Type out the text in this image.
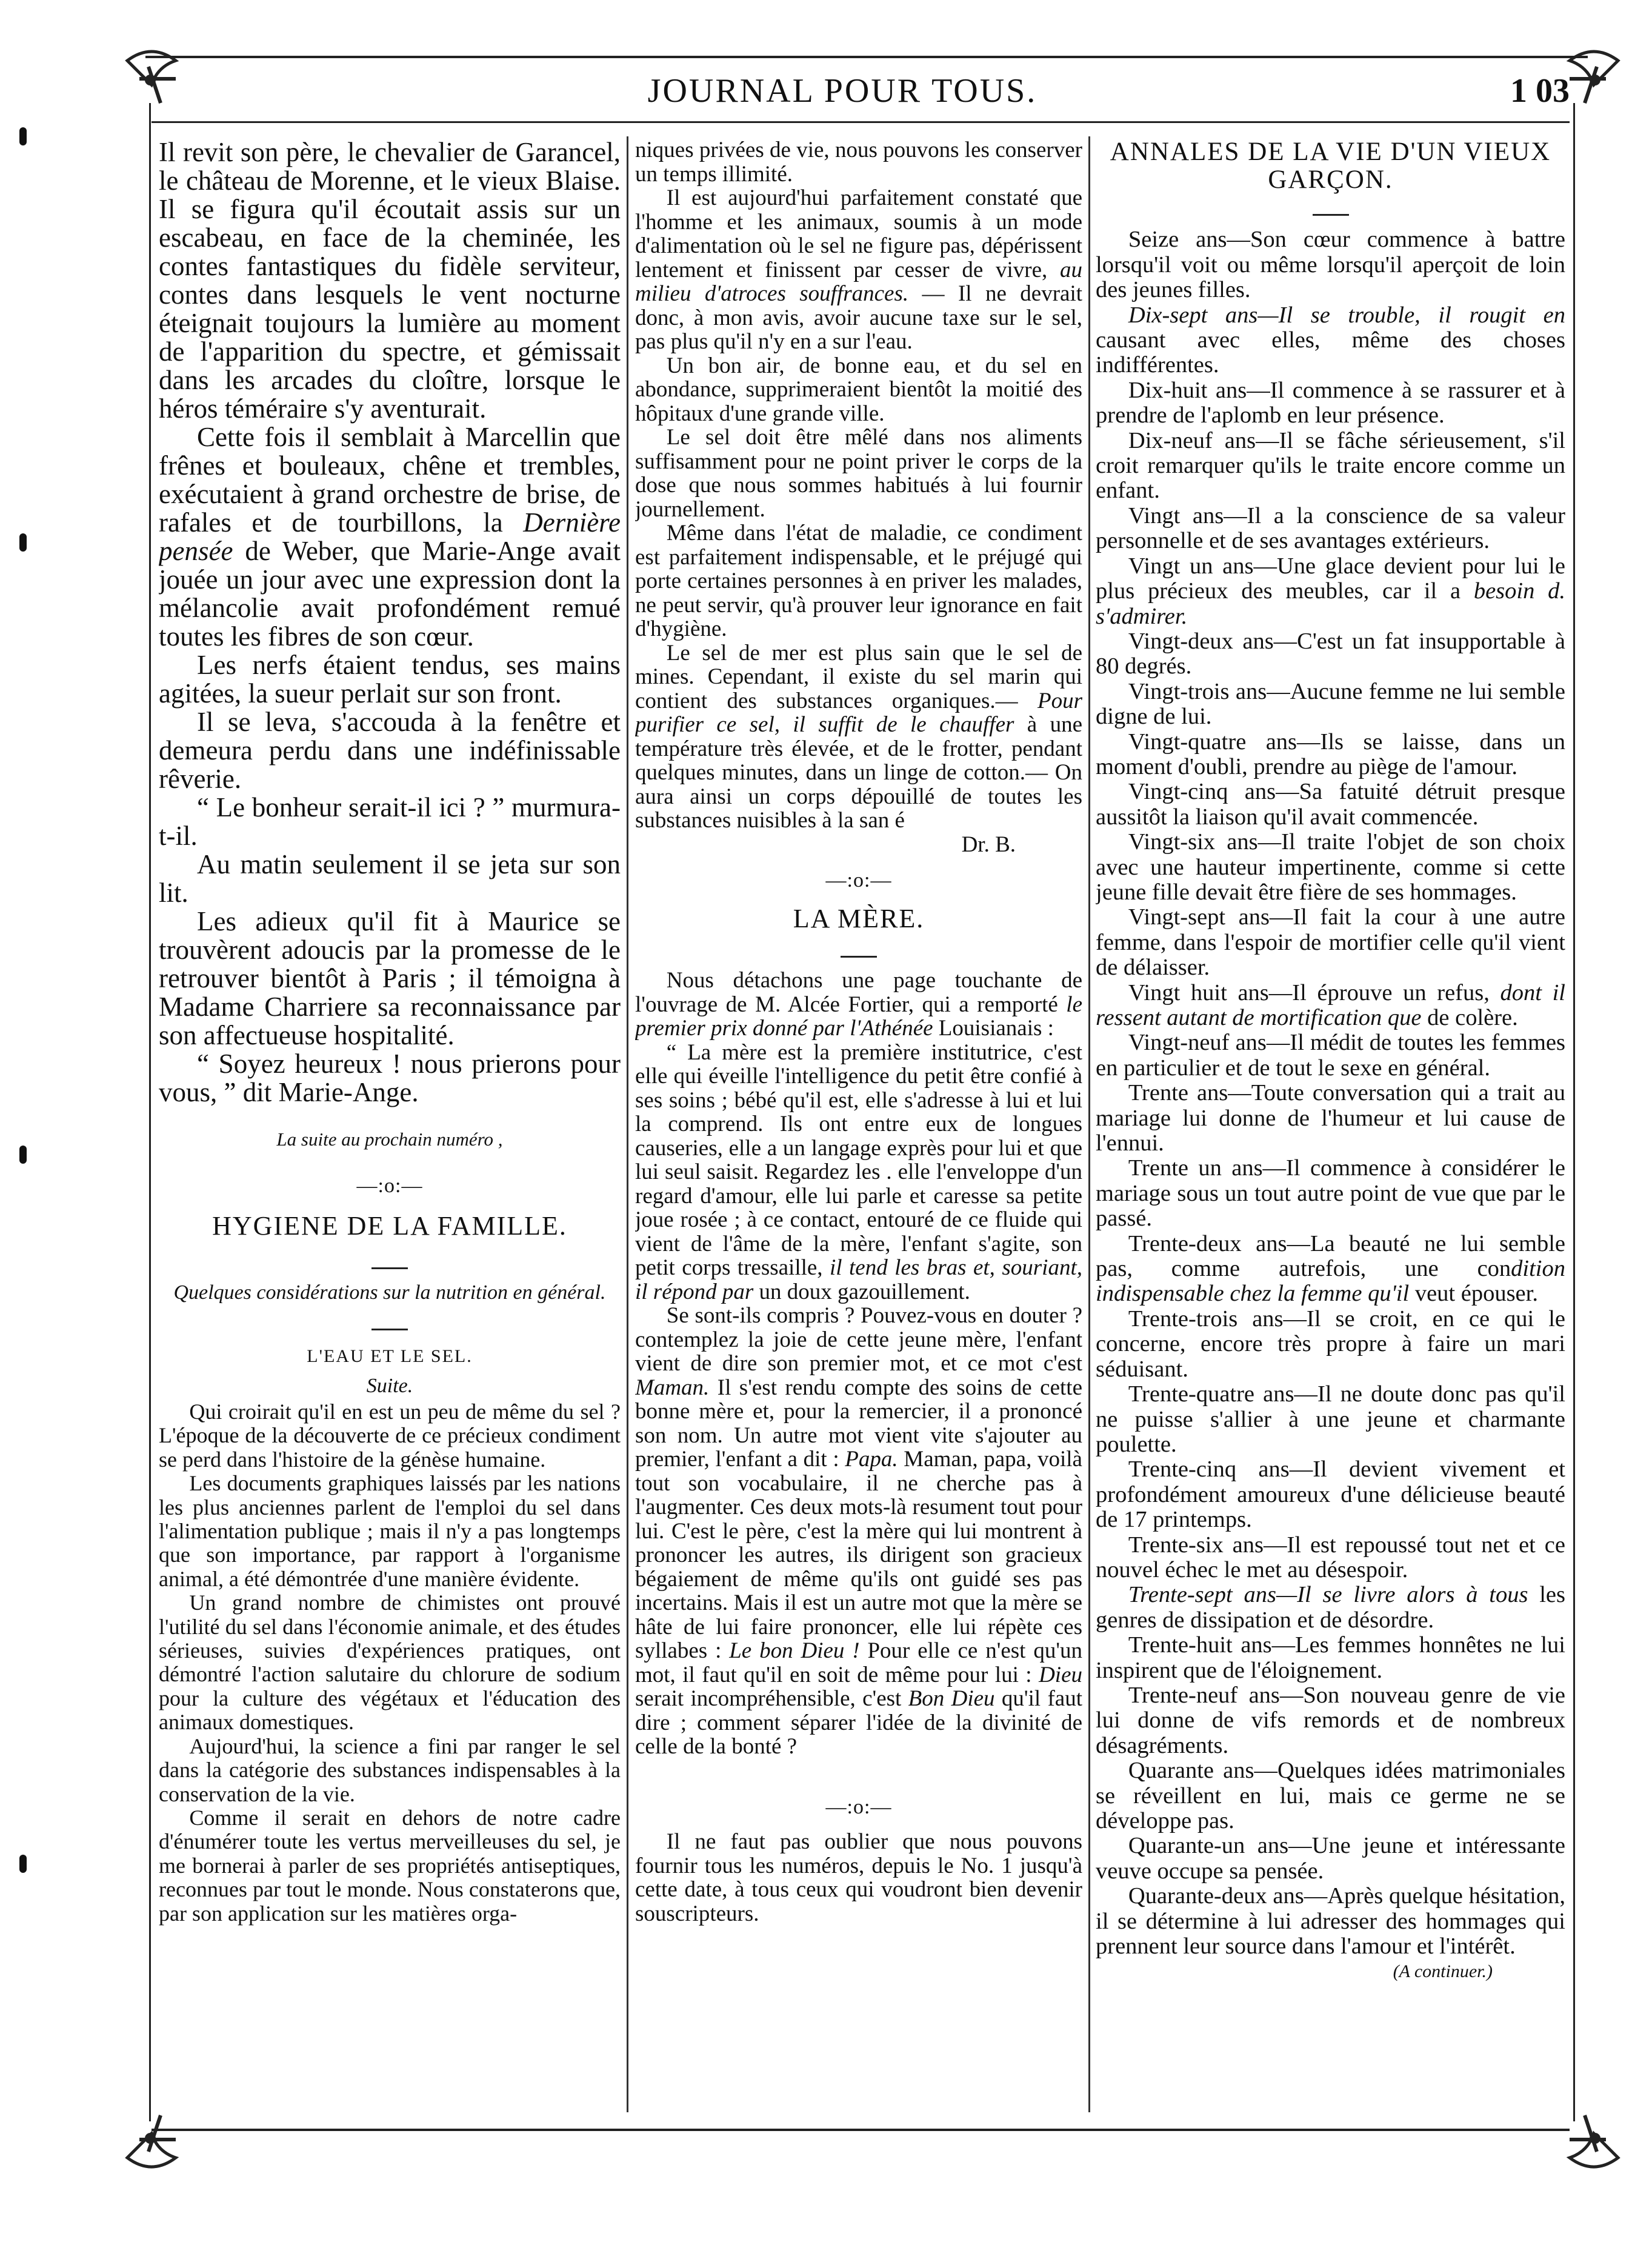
JOURNAL POUR TOUS.	1 03

Il revit son père, le chevalier de Garancel, le château de Morenne, et le vieux Blaise. Il se figura qu'il écoutait assis sur un escabeau, en face de la cheminée, les contes fantastiques du fidèle serviteur, contes dans lesquels le vent nocturne éteignait toujours la lumière au moment de l'apparition du spectre, et gémissait dans les arcades du cloître, lorsque le héros téméraire s'y aventurait.

Cette fois il semblait à Marcellin que frênes et bouleaux, chêne et trembles, exécutaient à grand orchestre de brise, de rafales et de tourbillons, la Dernière pensée de Weber, que Marie-Ange avait jouée un jour avec une expression dont la mélancolie avait profondément remué toutes les fibres de son cœur.

Les nerfs étaient tendus, ses mains agitées, la sueur perlait sur son front.

Il se leva, s'accouda à la fenêtre et demeura perdu dans une indéfinissable rêverie.

“ Le bonheur serait-il ici ? ” murmura-t-il.

Au matin seulement il se jeta sur son lit.

Les adieux qu'il fit à Maurice se trouvèrent adoucis par la promesse de le retrouver bientôt à Paris ; il témoigna à Madame Charriere sa reconnaissance par son affectueuse hospitalité.

“ Soyez heureux ! nous prierons pour vous, ” dit Marie-Ange.

La suite au prochain numéro ,

—:o:—

HYGIENE DE LA FAMILLE.

Quelques considérations sur la nutrition en général.

L'EAU ET LE SEL.

Suite.

Qui croirait qu'il en est un peu de même du sel ? L'époque de la découverte de ce précieux condiment se perd dans l'histoire de la génèse humaine.

Les documents graphiques laissés par les nations les plus anciennes parlent de l'emploi du sel dans l'alimentation publique ; mais il n'y a pas longtemps que son importance, par rapport à l'organisme animal, a été démontrée d'une manière évidente.

Un grand nombre de chimistes ont prouvé l'utilité du sel dans l'économie animale, et des études sérieuses, suivies d'expériences pratiques, ont démontré l'action salutaire du chlorure de sodium pour la culture des végétaux et l'éducation des animaux domestiques.

Aujourd'hui, la science a fini par ranger le sel dans la catégorie des substances indispensables à la conservation de la vie.

Comme il serait en dehors de notre cadre d'énumérer toute les vertus merveilleuses du sel, je me bornerai à parler de ses propriétés antiseptiques, reconnues par tout le monde. Nous constaterons que, par son application sur les matières orga-

niques privées de vie, nous pouvons les conserver un temps illimité.

Il est aujourd'hui parfaitement constaté que l'homme et les animaux, soumis à un mode d'alimentation où le sel ne figure pas, dépérissent lentement et finissent par cesser de vivre, au milieu d'atroces souffrances. — Il ne devrait donc, à mon avis, avoir aucune taxe sur le sel, pas plus qu'il n'y en a sur l'eau.

Un bon air, de bonne eau, et du sel en abondance, supprimeraient bientôt la moitié des hôpitaux d'une grande ville.

Le sel doit être mêlé dans nos aliments suffisamment pour ne point priver le corps de la dose que nous sommes habitués à lui fournir journellement.

Même dans l'état de maladie, ce condiment est parfaitement indispensable, et le préjugé qui porte certaines personnes à en priver les malades, ne peut servir, qu'à prouver leur ignorance en fait d'hygiène.

Le sel de mer est plus sain que le sel de mines. Cependant, il existe du sel marin qui contient des substances organiques.— Pour purifier ce sel, il suffit de le chauffer à une température très élevée, et de le frotter, pendant quelques minutes, dans un linge de cotton.— On aura ainsi un corps dépouillé de toutes les substances nuisibles à la san é

Dr. B.

—:o:—

LA MÈRE.

Nous détachons une page touchante de l'ouvrage de M. Alcée Fortier, qui a remporté le premier prix donné par l'Athénée Louisianais :

“ La mère est la première institutrice, c'est elle qui éveille l'intelligence du petit être confié à ses soins ; bébé qu'il est, elle s'adresse à lui et lui la comprend. Ils ont entre eux de longues causeries, elle a un langage exprès pour lui et que lui seul saisit. Regardez les . elle l'enveloppe d'un regard d'amour, elle lui parle et caresse sa petite joue rosée ; à ce contact, entouré de ce fluide qui vient de l'âme de la mère, l'enfant s'agite, son petit corps tressaille, il tend les bras et, souriant, il répond par un doux gazouillement.

Se sont-ils compris ? Pouvez-vous en douter ? contemplez la joie de cette jeune mère, l'enfant vient de dire son premier mot, et ce mot c'est Maman. Il s'est rendu compte des soins de cette bonne mère et, pour la remercier, il a prononcé son nom. Un autre mot vient vite s'ajouter au premier, l'enfant a dit : Papa. Maman, papa, voilà tout son vocabulaire, il ne cherche pas à l'augmenter. Ces deux mots-là resument tout pour lui. C'est le père, c'est la mère qui lui montrent à prononcer les autres, ils dirigent son gracieux bégaiement de même qu'ils ont guidé ses pas incertains. Mais il est un autre mot que la mère se hâte de lui faire prononcer, elle lui répète ces syllabes : Le bon Dieu ! Pour elle ce n'est qu'un mot, il faut qu'il en soit de même pour lui : Dieu serait incompréhensible, c'est Bon Dieu qu'il faut dire ; comment séparer l'idée de la divinité de celle de la bonté ?

—:o:—

Il ne faut pas oublier que nous pouvons fournir tous les numéros, depuis le No. 1 jusqu'à cette date, à tous ceux qui voudront bien devenir souscripteurs.

ANNALES DE LA VIE D'UN VIEUX GARÇON.

Seize ans—Son cœur commence à battre lorsqu'il voit ou même lorsqu'il aperçoit de loin des jeunes filles.

Dix-sept ans—Il se trouble, il rougit en causant avec elles, même des choses indifférentes.

Dix-huit ans—Il commence à se rassurer et à prendre de l'aplomb en leur présence.

Dix-neuf ans—Il se fâche sérieusement, s'il croit remarquer qu'ils le traite encore comme un enfant.

Vingt ans—Il a la conscience de sa valeur personnelle et de ses avantages extérieurs.

Vingt un ans—Une glace devient pour lui le plus précieux des meubles, car il a besoin d. s'admirer.

Vingt-deux ans—C'est un fat insupportable à 80 degrés.

Vingt-trois ans—Aucune femme ne lui semble digne de lui.

Vingt-quatre ans—Ils se laisse, dans un moment d'oubli, prendre au piège de l'amour.

Vingt-cinq ans—Sa fatuité détruit presque aussitôt la liaison qu'il avait commencée.

Vingt-six ans—Il traite l'objet de son choix avec une hauteur impertinente, comme si cette jeune fille devait être fière de ses hommages.

Vingt-sept ans—Il fait la cour à une autre femme, dans l'espoir de mortifier celle qu'il vient de délaisser.

Vingt huit ans—Il éprouve un refus, dont il ressent autant de mortification que de colère.

Vingt-neuf ans—Il médit de toutes les femmes en particulier et de tout le sexe en général.

Trente ans—Toute conversation qui a trait au mariage lui donne de l'humeur et lui cause de l'ennui.

Trente un ans—Il commence à considérer le mariage sous un tout autre point de vue que par le passé.

Trente-deux ans—La beauté ne lui semble pas, comme autrefois, une condition indispensable chez la femme qu'il veut épouser.

Trente-trois ans—Il se croit, en ce qui le concerne, encore très propre à faire un mari séduisant.

Trente-quatre ans—Il ne doute donc pas qu'il ne puisse s'allier à une jeune et charmante poulette.

Trente-cinq ans—Il devient vivement et profondément amoureux d'une délicieuse beauté de 17 printemps.

Trente-six ans—Il est repoussé tout net et ce nouvel échec le met au désespoir.

Trente-sept ans—Il se livre alors à tous les genres de dissipation et de désordre.

Trente-huit ans—Les femmes honnêtes ne lui inspirent que de l'éloignement.

Trente-neuf ans—Son nouveau genre de vie lui donne de vifs remords et de nombreux désagréments.

Quarante ans—Quelques idées matrimoniales se réveillent en lui, mais ce germe ne se développe pas.

Quarante-un ans—Une jeune et intéressante veuve occupe sa pensée.

Quarante-deux ans—Après quelque hésitation, il se détermine à lui adresser des hommages qui prennent leur source dans l'amour et l'intérêt.

(A continuer.)
